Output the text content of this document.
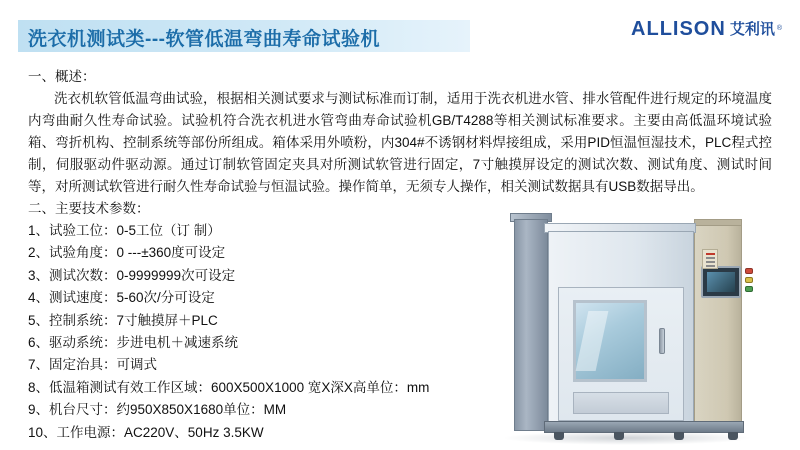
洗衣机测试类---软管低温弯曲寿命试验机	ALLISON 艾利讯 ®

一、概述：

洗衣机软管低温弯曲试验，根据相关测试要求与测试标准而订制，适用于洗衣机进水管、排水管配件进行规定的环境温度内弯曲耐久性寿命试验。试验机符合洗衣机进水管弯曲寿命试验机GB/T4288等相关测试标准要求。主要由高低温环境试验箱、弯折机构、控制系统等部份所组成。箱体采用外喷粉，内304#不诱钢材料焊接组成，采用PID恒温恒湿技术，PLC程式控制，伺服驱动件驱动源。通过订制软管固定夹具对所测试软管进行固定，7寸触摸屏设定的测试次数、测试角度、测试时间等，对所测试软管进行耐久性寿命试验与恒温试验。操作简单，无须专人操作，相关测试数据具有USB数据导出。

二、主要技术参数：

1、试验工位：0-5工位（订 制）
2、试验角度：0 ---±360度可设定
3、测试次数：0-9999999次可设定
4、测试速度：5-60次/分可设定
5、控制系统：7寸触摸屏＋PLC
6、驱动系统：步进电机＋减速系统
7、固定治具：可调式
8、低温箱测试有效工作区域：600X500X1000 宽X深X高单位：mm
9、机台尺寸：约950X850X1680单位：MM
10、工作电源：AC220V、50Hz 3.5KW
